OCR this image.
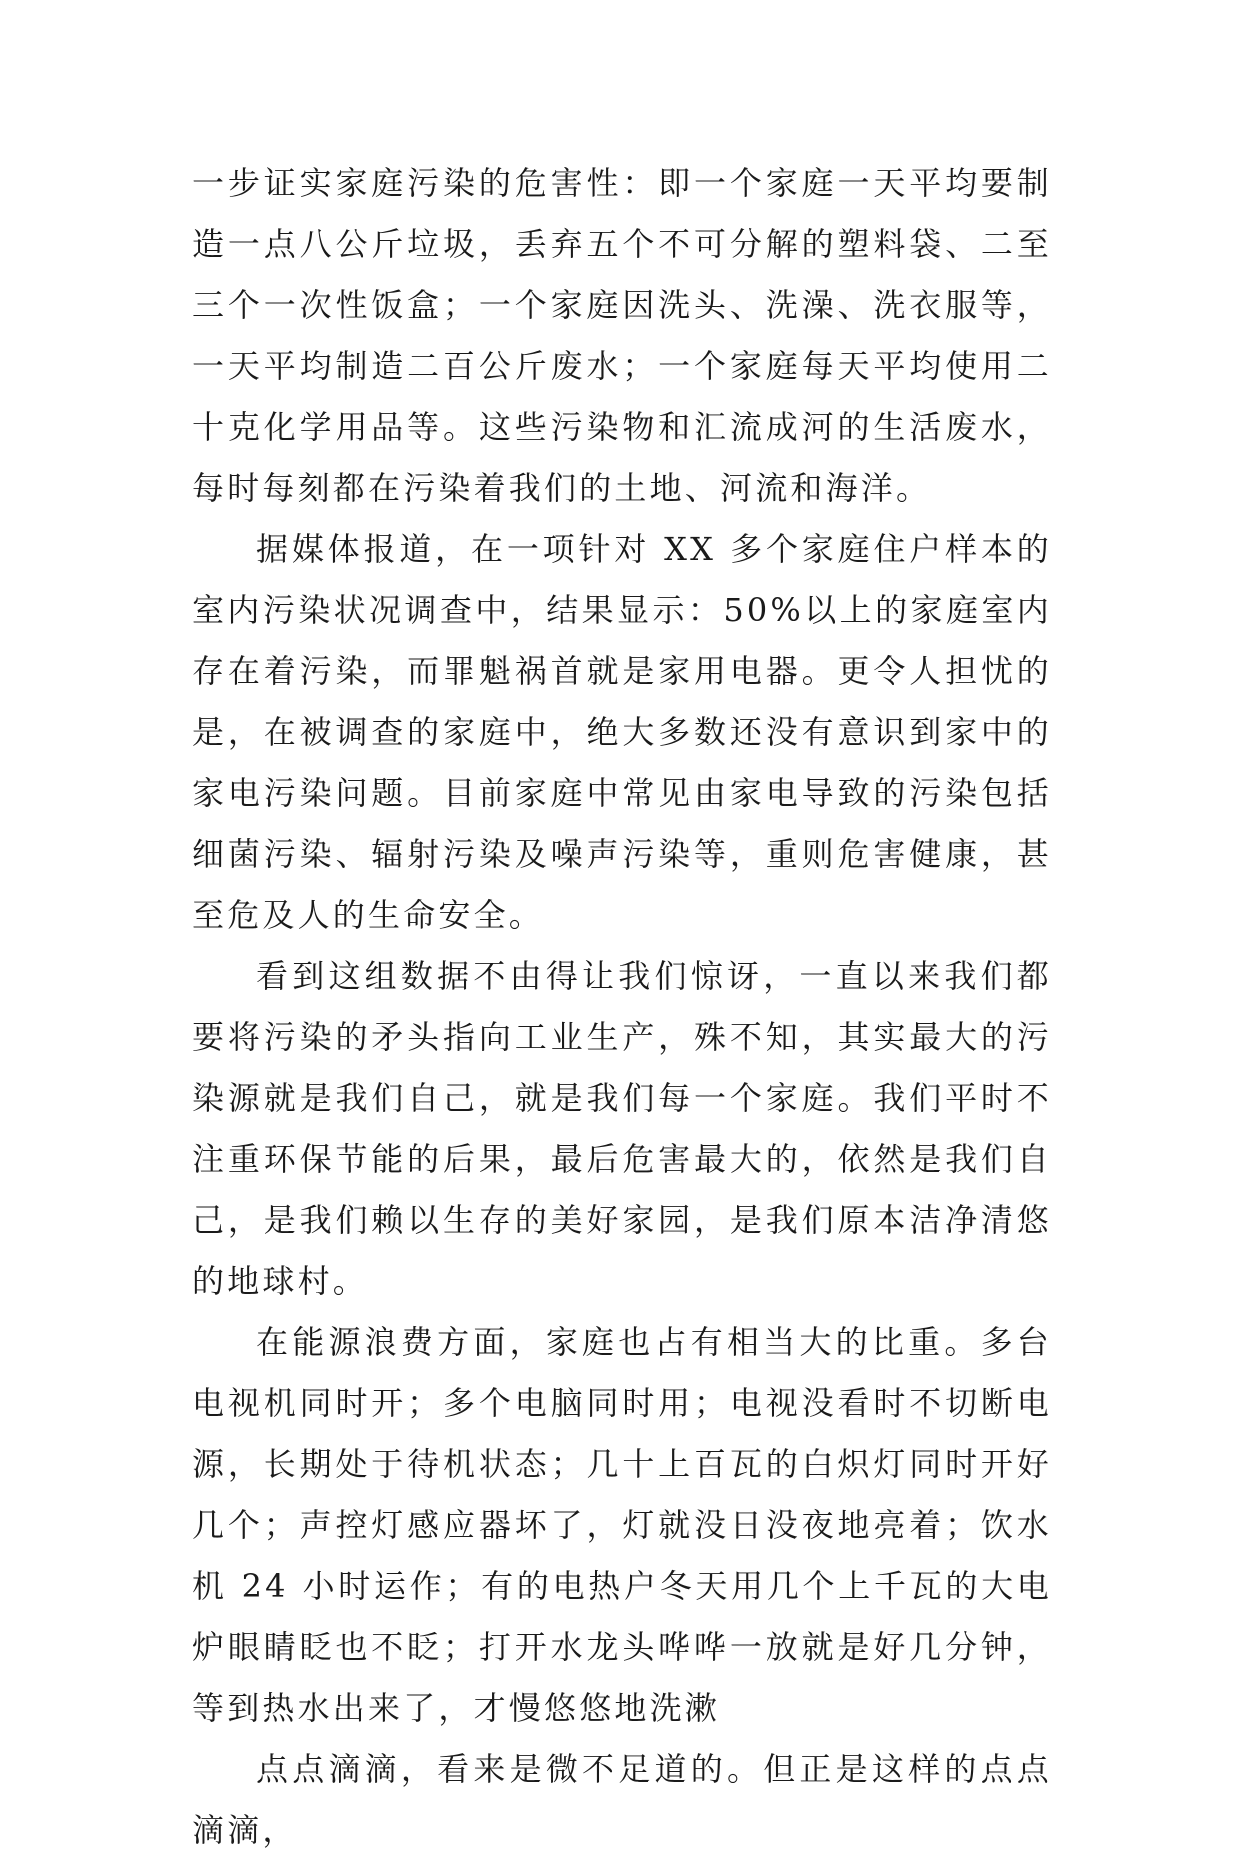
一步证实家庭污染的危害性：即一个家庭一天平均要制造一点八公斤垃圾，丢弃五个不可分解的塑料袋、二至三个一次性饭盒；一个家庭因洗头、洗澡、洗衣服等，一天平均制造二百公斤废水；一个家庭每天平均使用二十克化学用品等。这些污染物和汇流成河的生活废水，每时每刻都在污染着我们的土地、河流和海洋。

据媒体报道，在一项针对 XX 多个家庭住户样本的室内污染状况调查中，结果显示：50%以上的家庭室内存在着污染，而罪魁祸首就是家用电器。更令人担忧的是，在被调查的家庭中，绝大多数还没有意识到家中的家电污染问题。目前家庭中常见由家电导致的污染包括细菌污染、辐射污染及噪声污染等，重则危害健康，甚至危及人的生命安全。

看到这组数据不由得让我们惊讶，一直以来我们都要将污染的矛头指向工业生产，殊不知，其实最大的污染源就是我们自己，就是我们每一个家庭。我们平时不注重环保节能的后果，最后危害最大的，依然是我们自己，是我们赖以生存的美好家园，是我们原本洁净清悠的地球村。

在能源浪费方面，家庭也占有相当大的比重。多台电视机同时开；多个电脑同时用；电视没看时不切断电源，长期处于待机状态；几十上百瓦的白炽灯同时开好几个；声控灯感应器坏了，灯就没日没夜地亮着；饮水机 24 小时运作；有的电热户冬天用几个上千瓦的大电炉眼睛眨也不眨；打开水龙头哗哗一放就是好几分钟，等到热水出来了，才慢悠悠地洗漱

点点滴滴，看来是微不足道的。但正是这样的点点滴滴，
